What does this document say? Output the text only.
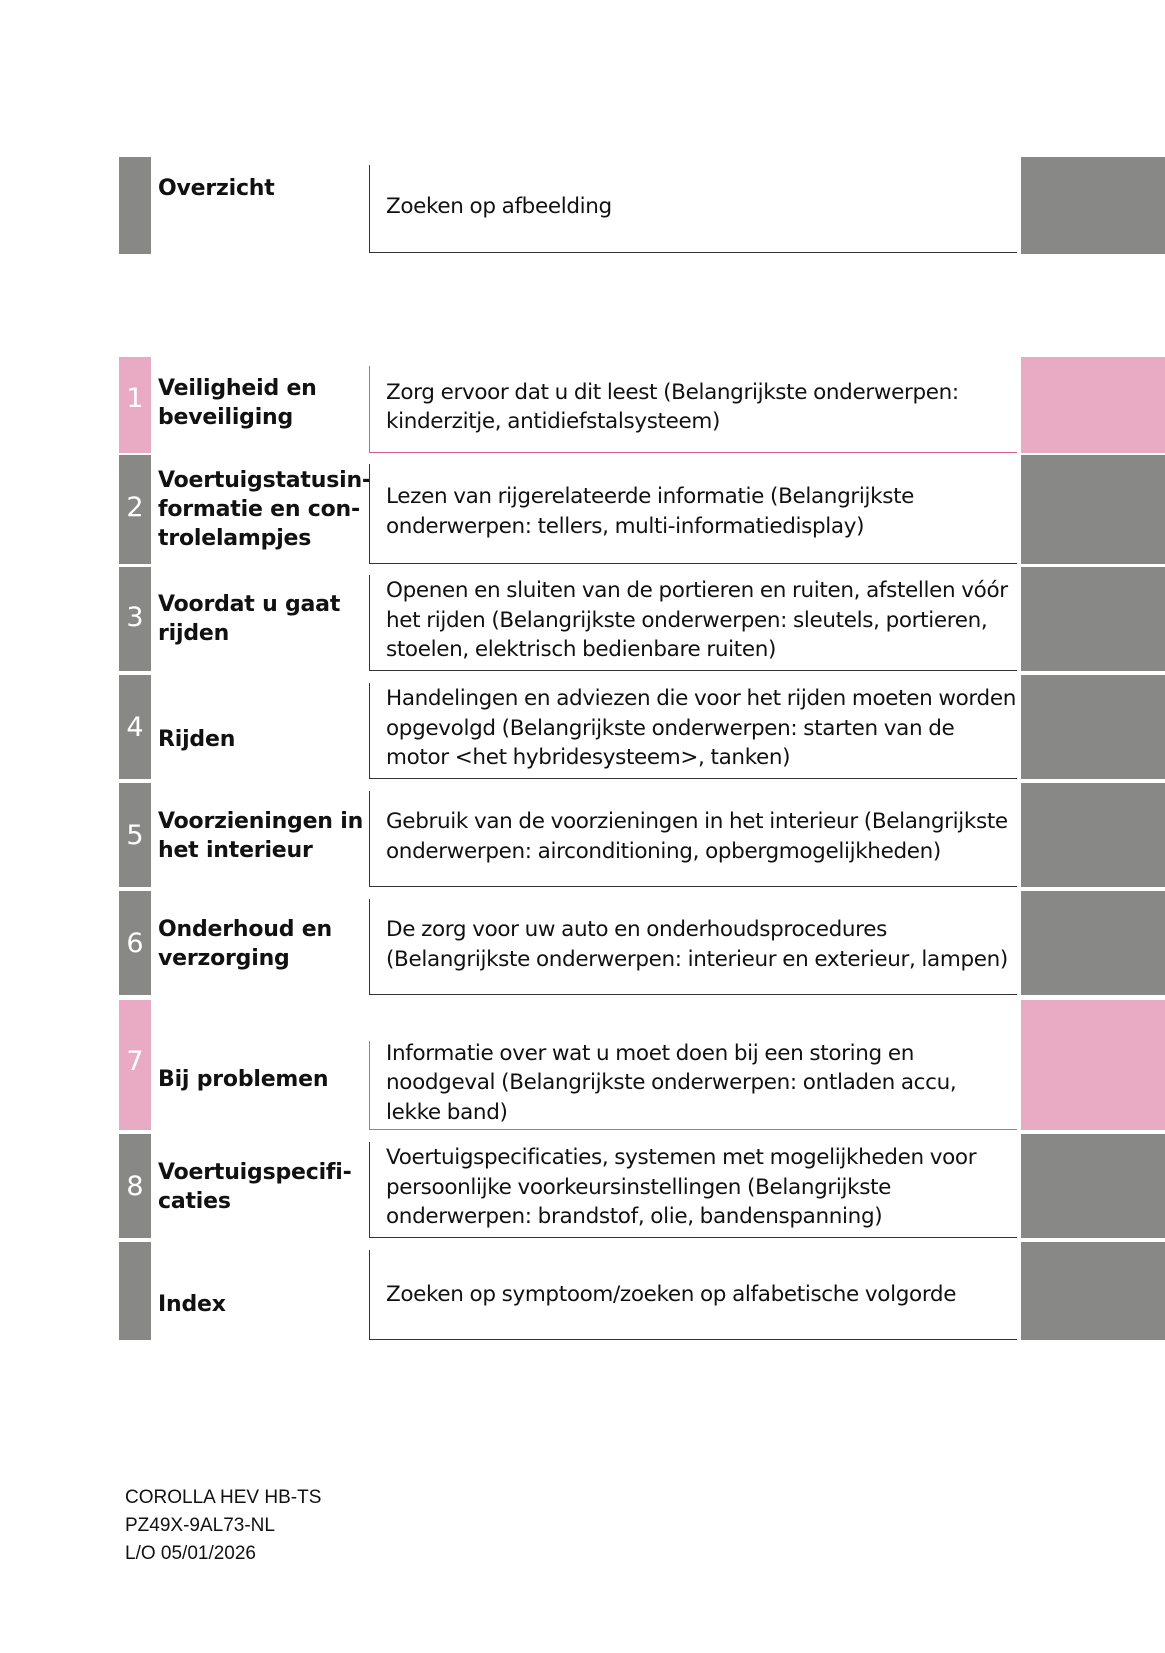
Overzicht
Zoeken op afbeelding
1 Veiligheid en
beveiliging
Zorg ervoor dat u dit leest (Belangrijkste onderwerpen: kinderzitje, antidiefstalsysteem)
2
Voertuigstatusin-
formatie en con-
trolelampjes
Lezen van rijgerelateerde informatie (Belangrijkste onderwerpen: tellers, multi-informatiedisplay)
3 Voordat u gaat
rijden
Openen en sluiten van de portieren en ruiten, afstellen vóór het rijden (Belangrijkste onderwerpen: sleutels, portieren, stoelen, elektrisch bedienbare ruiten)
4 Rijden
Handelingen en adviezen die voor het rijden moeten worden opgevolgd (Belangrijkste onderwerpen: starten van de motor <het hybridesysteem>, tanken)
5 Voorzieningen in
het interieur
Gebruik van de voorzieningen in het interieur (Belangrijkste onderwerpen: airconditioning, opbergmogelijkheden)
6 Onderhoud en
verzorging
De zorg voor uw auto en onderhoudsprocedures (Belangrijkste onderwerpen: interieur en exterieur, lampen)
7
Bij problemen
Informatie over wat u moet doen bij een storing en noodgeval (Belangrijkste onderwerpen: ontladen accu, lekke band)
8 Voertuigspecifi-
caties
Voertuigspecificaties, systemen met mogelijkheden voor persoonlijke voorkeursinstellingen (Belangrijkste onderwerpen: brandstof, olie, bandenspanning)
Index	Zoeken op symptoom/zoeken op alfabetische volgorde
COROLLA HEV HB-TS
PZ49X-9AL73-NL
L/O 05/01/2026
